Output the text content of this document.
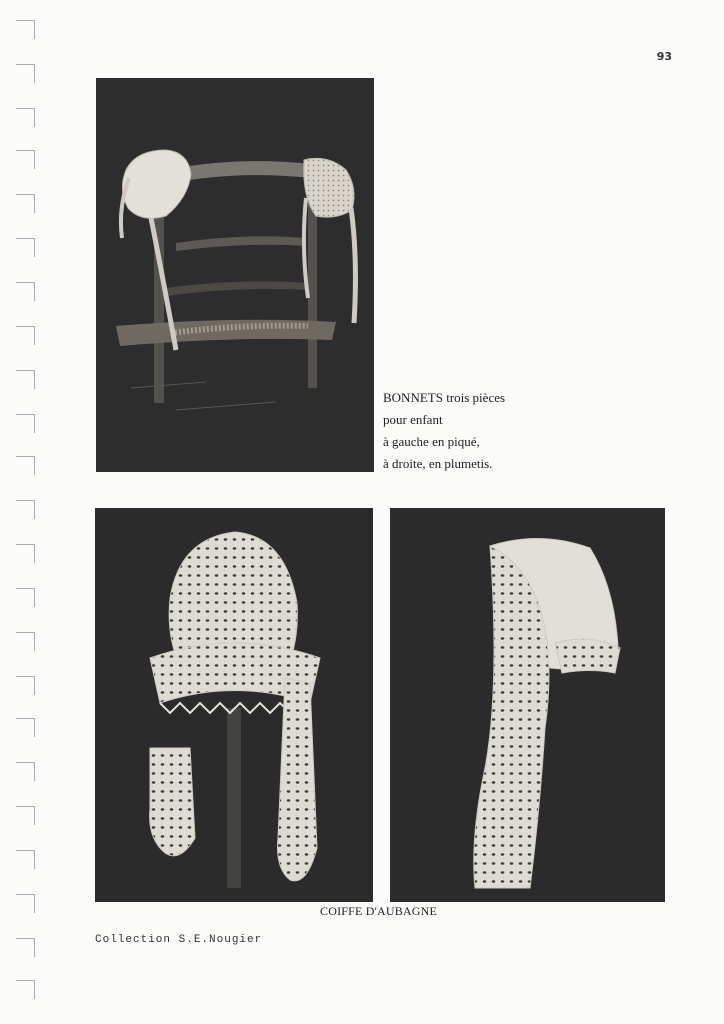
93
BONNETS trois pièces
pour enfant
à gauche en piqué,
à droite, en plumetis.
COIFFE D'AUBAGNE
Collection S.E.Nougier
